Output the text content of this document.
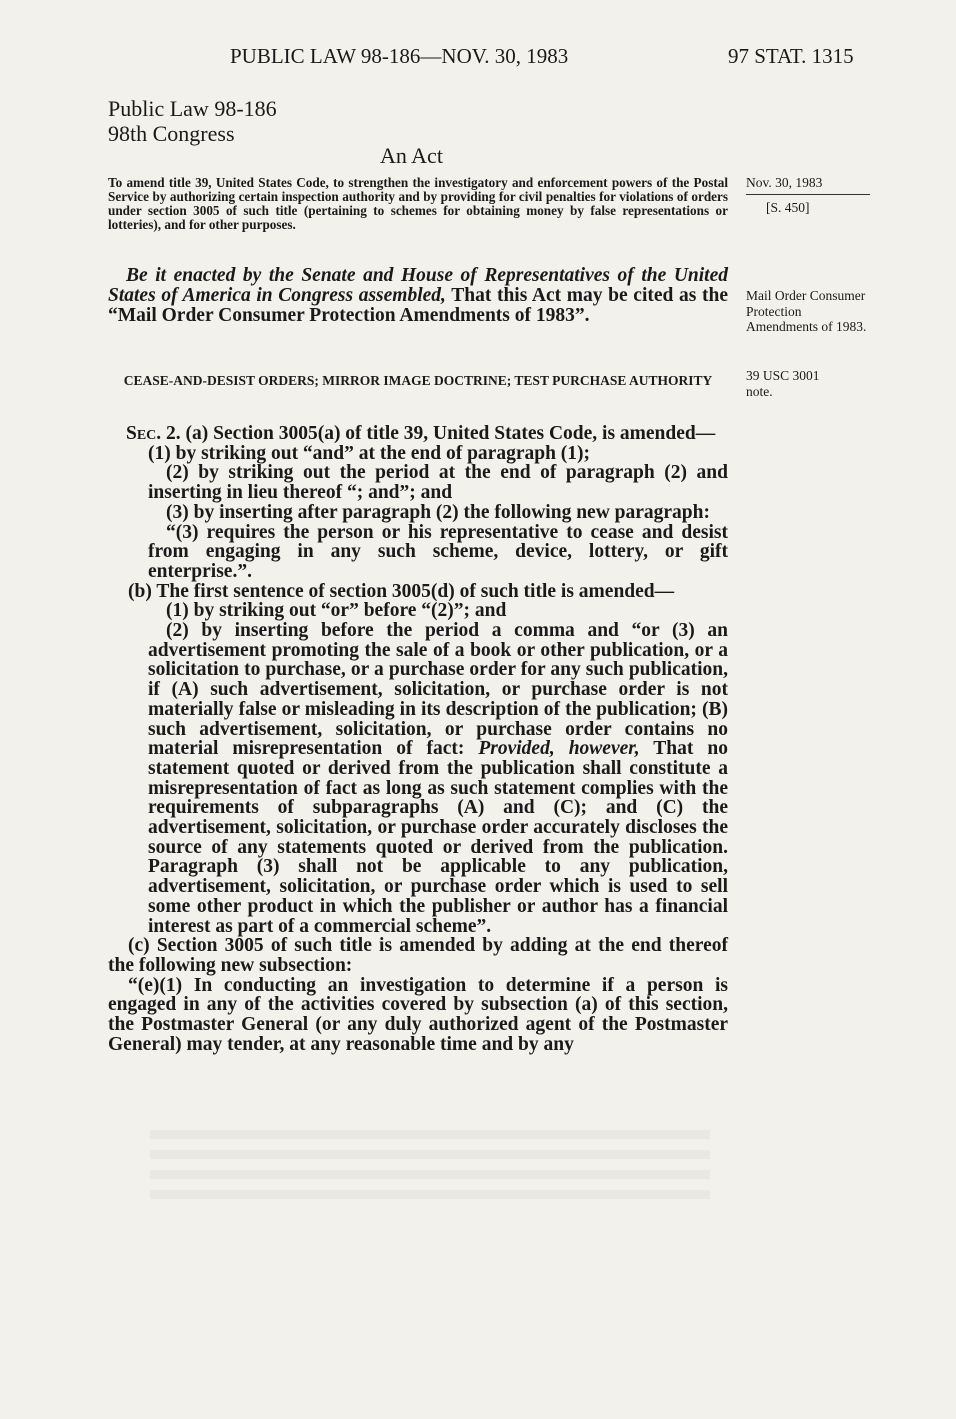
PUBLIC LAW 98-186—NOV. 30, 1983	97 STAT. 1315
Public Law 98-186
98th Congress
An Act
To amend title 39, United States Code, to strengthen the investigatory and enforcement powers of the Postal Service by authorizing certain inspection authority and by providing for civil penalties for violations of orders under section 3005 of such title (pertaining to schemes for obtaining money by false representations or lotteries), and for other purposes.
Nov. 30, 1983
[S. 450]
Mail Order Consumer Protection Amendments of 1983.
39 USC 3001 note.
Be it enacted by the Senate and House of Representatives of the United States of America in Congress assembled, That this Act may be cited as the “Mail Order Consumer Protection Amendments of 1983”.
CEASE-AND-DESIST ORDERS; MIRROR IMAGE DOCTRINE; TEST PURCHASE AUTHORITY

Sec. 2. (a) Section 3005(a) of title 39, United States Code, is amended—

(1) by striking out “and” at the end of paragraph (1);

(2) by striking out the period at the end of paragraph (2) and inserting in lieu thereof “; and”; and

(3) by inserting after paragraph (2) the following new paragraph:

“(3) requires the person or his representative to cease and desist from engaging in any such scheme, device, lottery, or gift enterprise.”.

(b) The first sentence of section 3005(d) of such title is amended—

(1) by striking out “or” before “(2)”; and

(2) by inserting before the period a comma and “or (3) an advertisement promoting the sale of a book or other publication, or a solicitation to purchase, or a purchase order for any such publication, if (A) such advertisement, solicitation, or purchase order is not materially false or misleading in its description of the publication; (B) such advertisement, solicitation, or purchase order contains no material misrepresentation of fact: Provided, however, That no statement quoted or derived from the publication shall constitute a misrepresentation of fact as long as such statement complies with the requirements of subparagraphs (A) and (C); and (C) the advertisement, solicitation, or purchase order accurately discloses the source of any statements quoted or derived from the publication. Paragraph (3) shall not be applicable to any publication, advertisement, solicitation, or purchase order which is used to sell some other product in which the publisher or author has a financial interest as part of a commercial scheme”.

(c) Section 3005 of such title is amended by adding at the end thereof the following new subsection:

“(e)(1) In conducting an investigation to determine if a person is engaged in any of the activities covered by subsection (a) of this section, the Postmaster General (or any duly authorized agent of the Postmaster General) may tender, at any reasonable time and by any
